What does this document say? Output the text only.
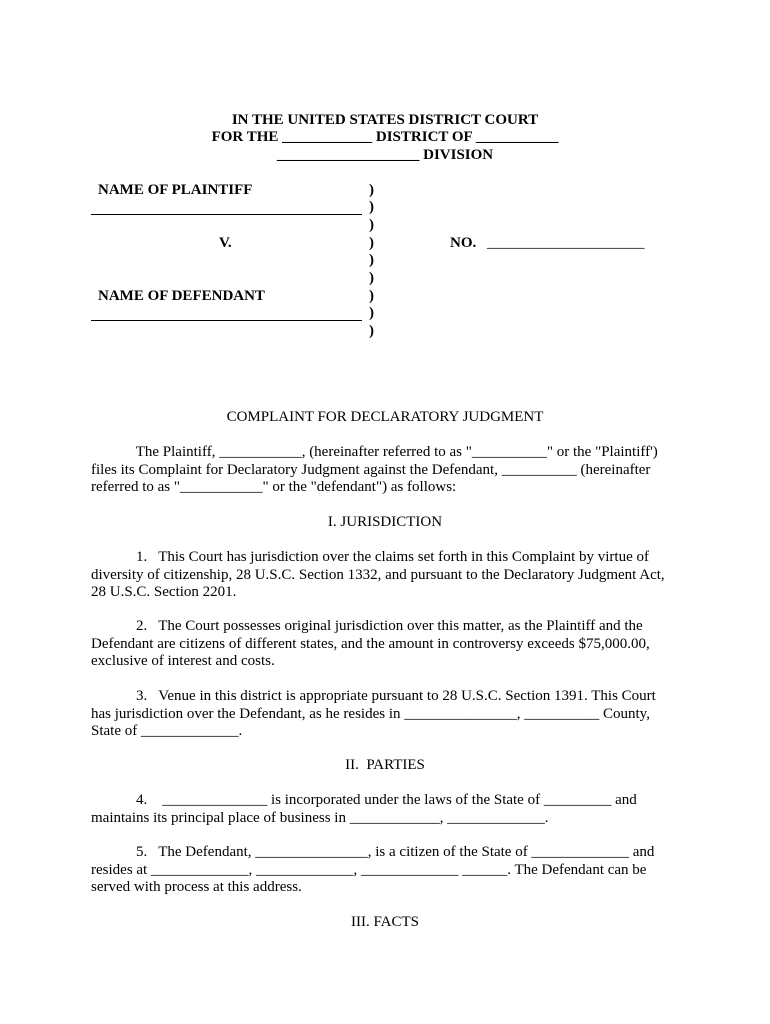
IN THE UNITED STATES DISTRICT COURT
FOR THE ____________ DISTRICT OF ___________
___________________ DIVISION
NAME OF PLAINTIFF
V.
NAME OF DEFENDANT
)
)
)
)
)
)
)
)
)
NO. _____________________
COMPLAINT FOR DECLARATORY JUDGMENT
The Plaintiff, ___________, (hereinafter referred to as "__________" or the "Plaintiff')
files its Complaint for Declaratory Judgment against the Defendant, __________ (hereinafter
referred to as "___________" or the "defendant") as follows:
I. JURISDICTION
1.   This Court has jurisdiction over the claims set forth in this Complaint by virtue of
diversity of citizenship, 28 U.S.C. Section 1332, and pursuant to the Declaratory Judgment Act,
28 U.S.C. Section 2201.
2.   The Court possesses original jurisdiction over this matter, as the Plaintiff and the
Defendant are citizens of different states, and the amount in controversy exceeds $75,000.00,
exclusive of interest and costs.
3.   Venue in this district is appropriate pursuant to 28 U.S.C. Section 1391. This Court
has jurisdiction over the Defendant, as he resides in _______________, __________ County,
State of _____________.
II.  PARTIES
4.    ______________ is incorporated under the laws of the State of _________ and
maintains its principal place of business in ____________, _____________.
5.   The Defendant, _______________, is a citizen of the State of _____________ and
resides at _____________, _____________, _____________ ______. The Defendant can be
served with process at this address.
III. FACTS
